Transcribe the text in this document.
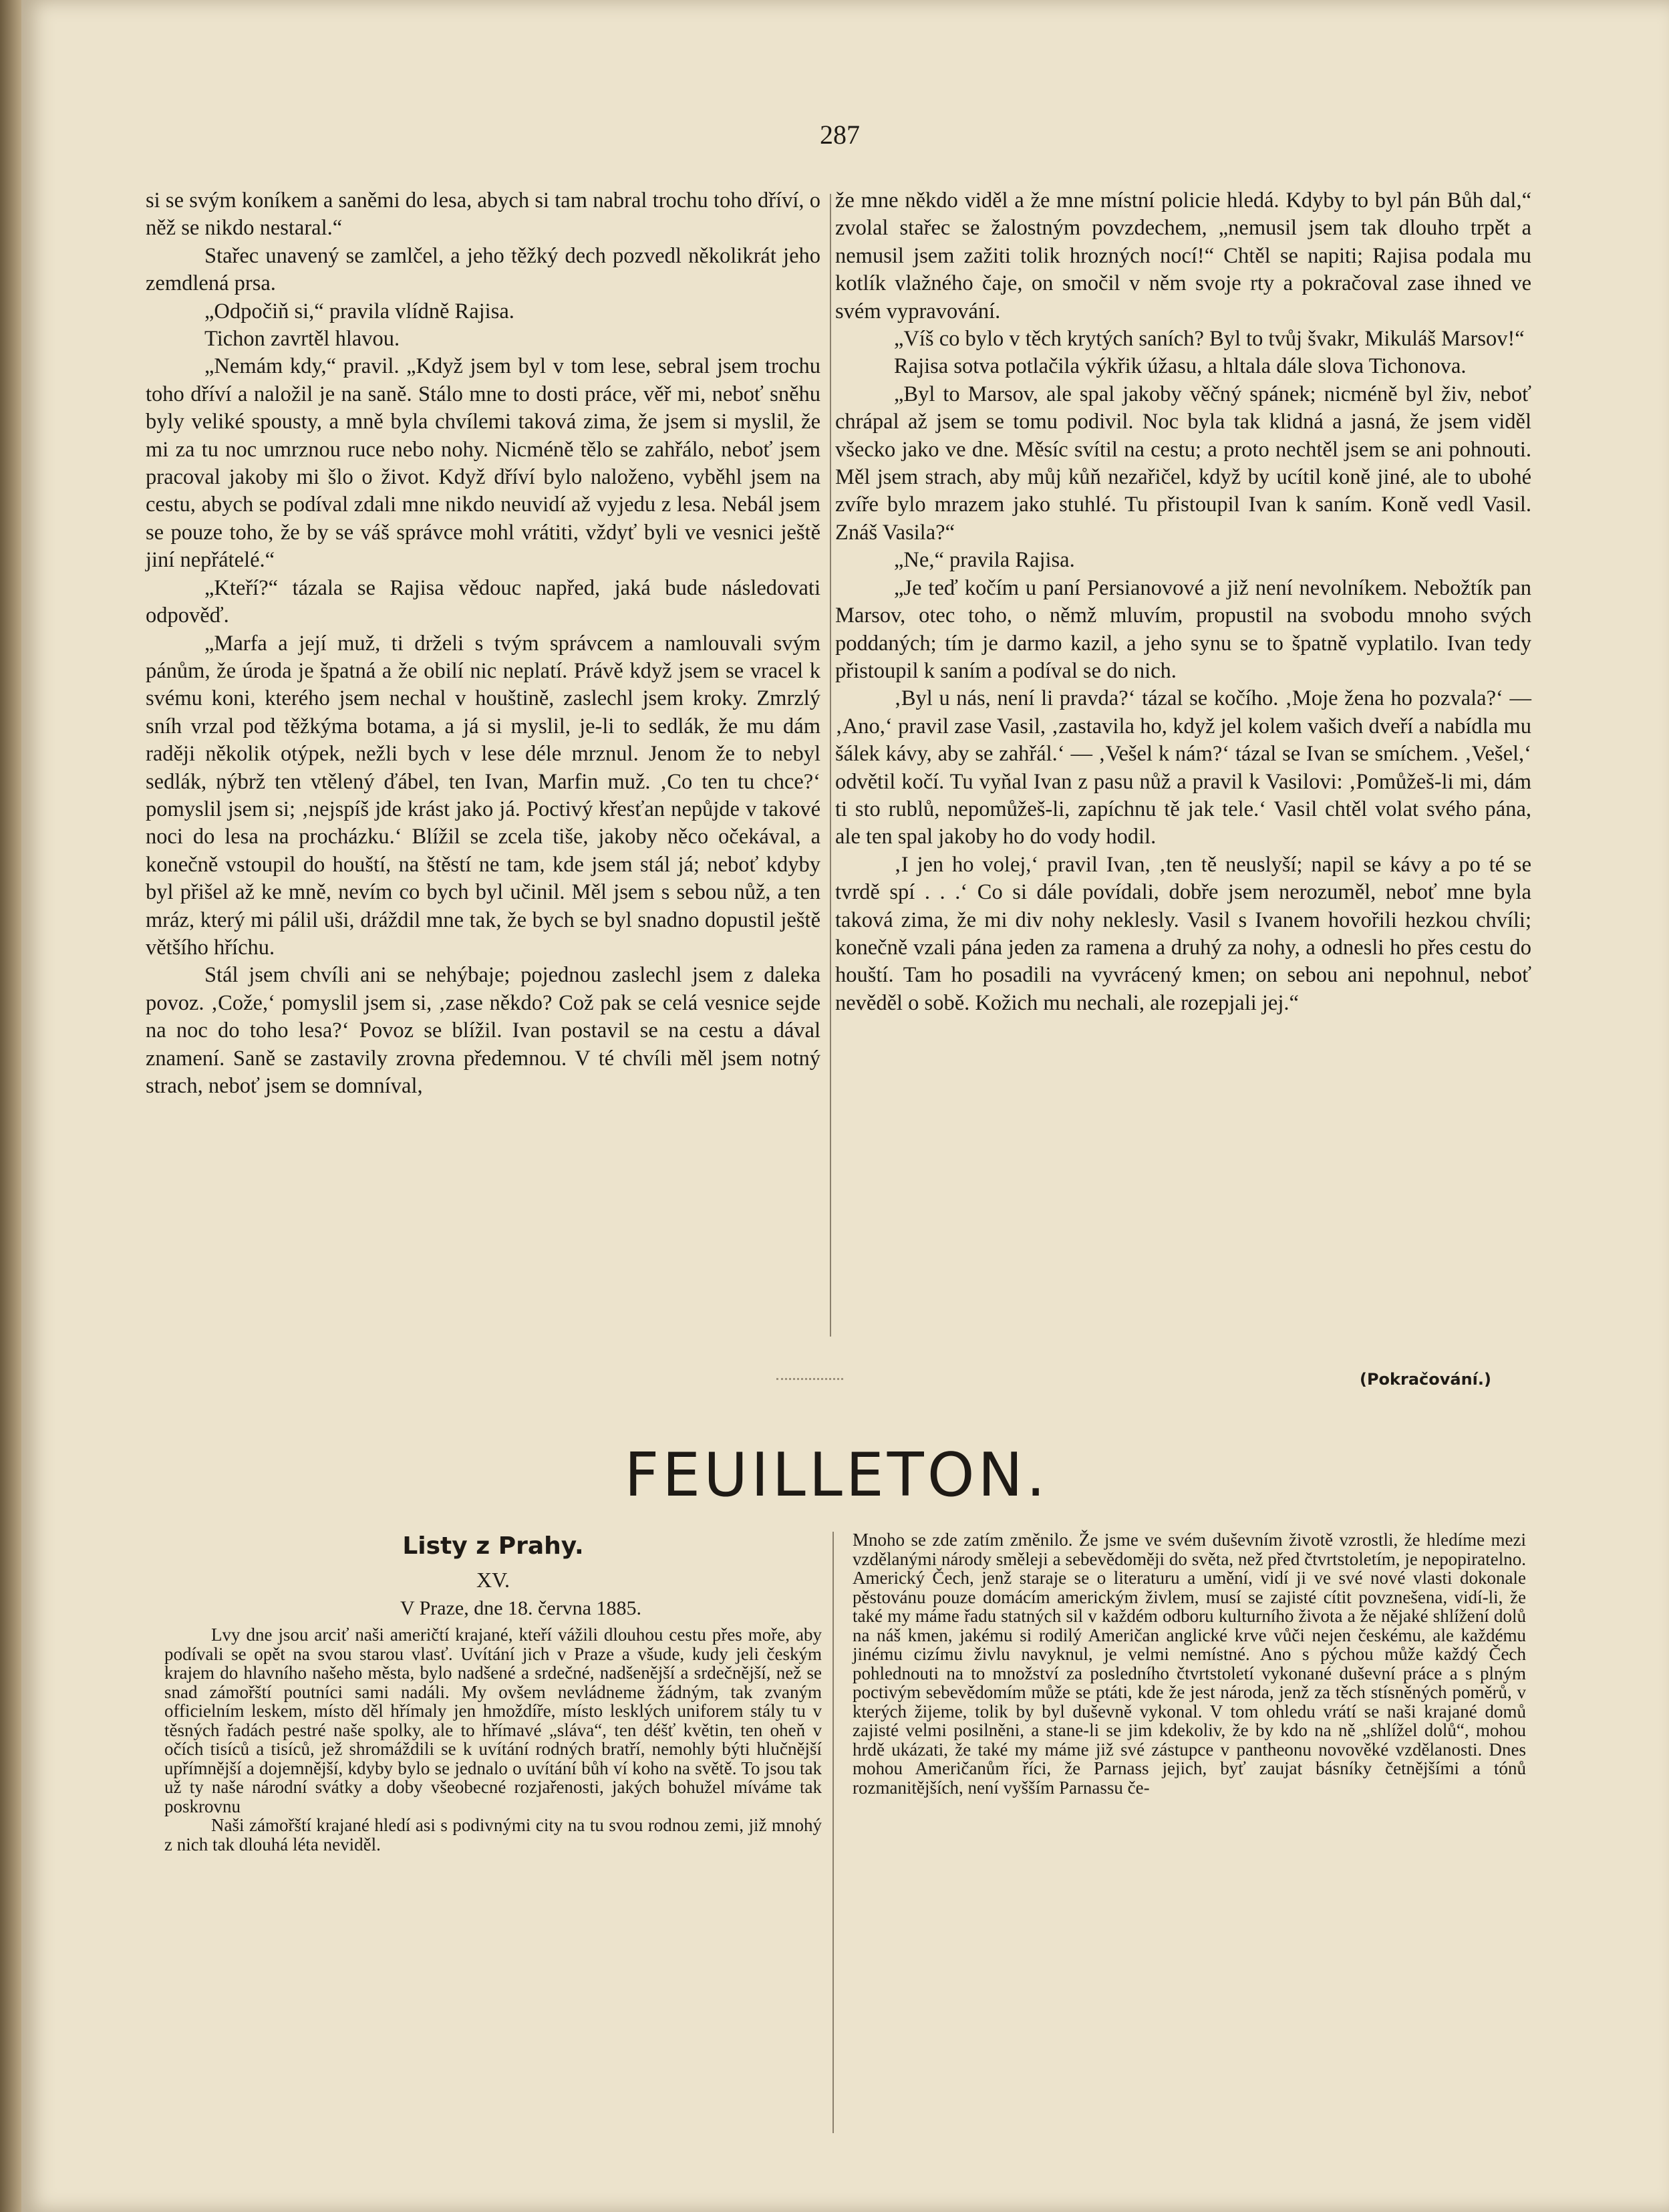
287

si se svým koníkem a saněmi do lesa, abych si tam nabral trochu toho dříví, o něž se nikdo nestaral.“

Stařec unavený se zamlčel, a jeho těžký dech pozvedl několikrát jeho zemdlená prsa.

„Odpočiň si,“ pravila vlídně Rajisa.

Tichon zavrtěl hlavou.

„Nemám kdy,“ pravil. „Když jsem byl v tom lese, sebral jsem trochu toho dříví a naložil je na saně. Stálo mne to dosti práce, věř mi, neboť sněhu byly veliké spousty, a mně byla chvílemi taková zima, že jsem si myslil, že mi za tu noc umrznou ruce nebo nohy. Nicméně tělo se zahřálo, neboť jsem pracoval jakoby mi šlo o život. Když dříví bylo naloženo, vyběhl jsem na cestu, abych se podíval zdali mne nikdo neuvidí až vyjedu z lesa. Nebál jsem se pouze toho, že by se váš správce mohl vrátiti, vždyť byli ve vesnici ještě jiní nepřátelé.“

„Kteří?“ tázala se Rajisa vědouc napřed, jaká bude následovati odpověď.

„Marfa a její muž, ti drželi s tvým správcem a namlouvali svým pánům, že úroda je špatná a že obilí nic neplatí. Právě když jsem se vracel k svému koni, kterého jsem nechal v houštině, zaslechl jsem kroky. Zmrzlý sníh vrzal pod těžkýma botama, a já si myslil, je-li to sedlák, že mu dám raději několik otýpek, nežli bych v lese déle mrznul. Jenom že to nebyl sedlák, nýbrž ten vtělený ďábel, ten Ivan, Marfin muž. ‚Co ten tu chce?‘ pomyslil jsem si; ‚nejspíš jde krást jako já. Poctivý křesťan nepůjde v takové noci do lesa na procházku.‘ Blížil se zcela tiše, jakoby něco očekával, a konečně vstoupil do houští, na štěstí ne tam, kde jsem stál já; neboť kdyby byl přišel až ke mně, nevím co bych byl učinil. Měl jsem s sebou nůž, a ten mráz, který mi pálil uši, dráždil mne tak, že bych se byl snadno dopustil ještě většího hříchu.

Stál jsem chvíli ani se nehýbaje; pojednou zaslechl jsem z daleka povoz. ‚Cože,‘ pomyslil jsem si, ‚zase někdo? Což pak se celá vesnice sejde na noc do toho lesa?‘ Povoz se blížil. Ivan postavil se na cestu a dával znamení. Saně se zastavily zrovna předemnou. V té chvíli měl jsem notný strach, neboť jsem se domníval,

že mne někdo viděl a že mne místní policie hledá. Kdyby to byl pán Bůh dal,“ zvolal stařec se žalostným povzdechem, „nemusil jsem tak dlouho trpět a nemusil jsem zažiti tolik hrozných nocí!“ Chtěl se napiti; Rajisa podala mu kotlík vlažného čaje, on smočil v něm svoje rty a pokračoval zase ihned ve svém vypravování.

„Víš co bylo v těch krytých saních? Byl to tvůj švakr, Mikuláš Marsov!“

Rajisa sotva potlačila výkřik úžasu, a hltala dále slova Tichonova.

„Byl to Marsov, ale spal jakoby věčný spánek; nicméně byl živ, neboť chrápal až jsem se tomu podivil. Noc byla tak klidná a jasná, že jsem viděl všecko jako ve dne. Měsíc svítil na cestu; a proto nechtěl jsem se ani pohnouti. Měl jsem strach, aby můj kůň nezařičel, když by ucítil koně jiné, ale to ubohé zvíře bylo mrazem jako stuhlé. Tu přistoupil Ivan k saním. Koně vedl Vasil. Znáš Vasila?“

„Ne,“ pravila Rajisa.

„Je teď kočím u paní Persianovové a již není nevolníkem. Nebožtík pan Marsov, otec toho, o němž mluvím, propustil na svobodu mnoho svých poddaných; tím je darmo kazil, a jeho synu se to špatně vyplatilo. Ivan tedy přistoupil k saním a podíval se do nich.

‚Byl u nás, není li pravda?‘ tázal se kočího. ‚Moje žena ho pozvala?‘ — ‚Ano,‘ pravil zase Vasil, ‚zastavila ho, když jel kolem vašich dveří a nabídla mu šálek kávy, aby se zahřál.‘ — ‚Vešel k nám?‘ tázal se Ivan se smíchem. ‚Vešel,‘ odvětil kočí. Tu vyňal Ivan z pasu nůž a pravil k Vasilovi: ‚Pomůžeš-li mi, dám ti sto rublů, nepomůžeš-li, zapíchnu tě jak tele.‘ Vasil chtěl volat svého pána, ale ten spal jakoby ho do vody hodil.

‚I jen ho volej,‘ pravil Ivan, ‚ten tě neuslyší; napil se kávy a po té se tvrdě spí . . .‘ Co si dále povídali, dobře jsem nerozuměl, neboť mne byla taková zima, že mi div nohy neklesly. Vasil s Ivanem hovořili hezkou chvíli; konečně vzali pána jeden za ramena a druhý za nohy, a odnesli ho přes cestu do houští. Tam ho posadili na vyvrácený kmen; on sebou ani nepohnul, neboť nevěděl o sobě. Kožich mu nechali, ale rozepjali jej.“

(Pokračování.)
FEUILLETON.
Listy z Prahy.
XV.
V Praze, dne 18. června 1885.

Lvy dne jsou arciť naši američtí krajané, kteří vážili dlouhou cestu přes moře, aby podívali se opět na svou starou vlasť. Uvítání jich v Praze a všude, kudy jeli českým krajem do hlavního našeho města, bylo nadšené a srdečné, nadšenější a srdečnější, než se snad zámořští poutníci sami nadáli. My ovšem nevládneme žádným, tak zvaným officielním leskem, místo děl hřímaly jen hmoždíře, místo lesklých uniforem stály tu v těsných řadách pestré naše spolky, ale to hřímavé „sláva“, ten déšť květin, ten oheň v očích tisíců a tisíců, jež shromáždili se k uvítání rodných bratří, nemohly býti hlučnější upřímnější a dojemnější, kdyby bylo se jednalo o uvítání bůh ví koho na světě. To jsou tak už ty naše národní svátky a doby všeobecné rozjařenosti, jakých bohužel míváme tak poskrovnu

Naši zámořští krajané hledí asi s podivnými city na tu svou rodnou zemi, již mnohý z nich tak dlouhá léta neviděl.

Mnoho se zde zatím změnilo. Že jsme ve svém duševním životě vzrostli, že hledíme mezi vzdělanými národy směleji a sebevědoměji do světa, než před čtvrtstoletím, je nepopiratelno. Americký Čech, jenž staraje se o literaturu a umění, vidí ji ve své nové vlasti dokonale pěstovánu pouze domácím americkým živlem, musí se zajisté cítit povznešena, vidí-li, že také my máme řadu statných sil v každém odboru kulturního života a že nějaké shlížení dolů na náš kmen, jakému si rodilý Američan anglické krve vůči nejen českému, ale každému jinému cizímu živlu navyknul, je velmi nemístné. Ano s pýchou může každý Čech pohlednouti na to množství za posledního čtvrtstoletí vykonané duševní práce a s plným poctivým sebevědomím může se ptáti, kde že jest národa, jenž za těch stísněných poměrů, v kterých žijeme, tolik by byl duševně vykonal. V tom ohledu vrátí se naši krajané domů zajisté velmi posilněni, a stane-li se jim kdekoliv, že by kdo na ně „shlížel dolů“, mohou hrdě ukázati, že také my máme již své zástupce v pantheonu novověké vzdělanosti. Dnes mohou Američanům říci, že Parnass jejich, byť zaujat básníky četnějšími a tónů rozmanitějších, není vyšším Parnassu če-
